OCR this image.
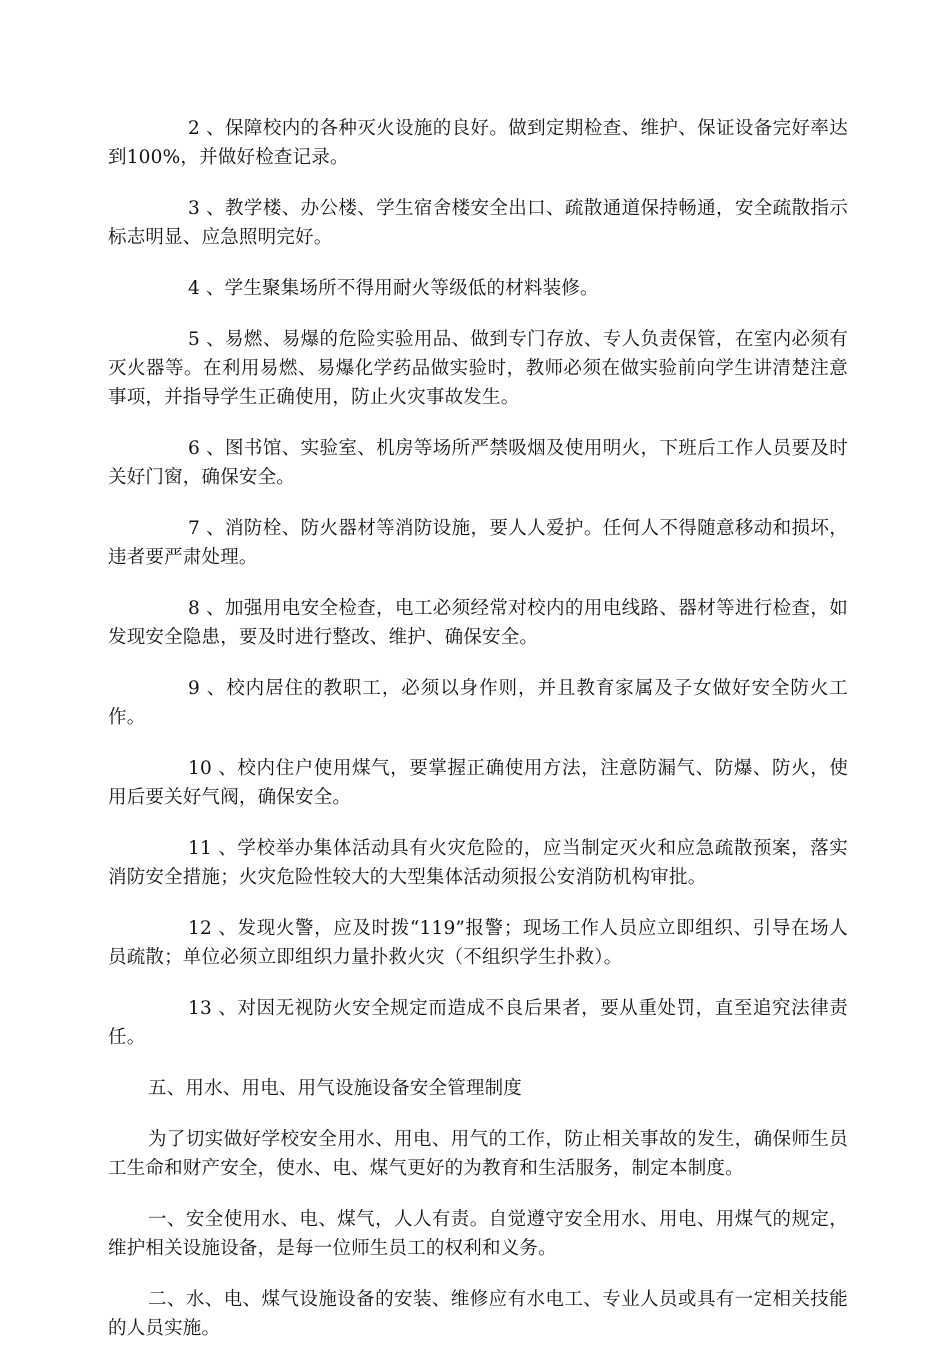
2 、保障校内的各种灭火设施的良好。做到定期检查、维护、保证设备完好率达到100%，并做好检查记录。

3 、教学楼、办公楼、学生宿舍楼安全出口、疏散通道保持畅通，安全疏散指示标志明显、应急照明完好。

4 、学生聚集场所不得用耐火等级低的材料装修。

5 、易燃、易爆的危险实验用品、做到专门存放、专人负责保管，在室内必须有灭火器等。在利用易燃、易爆化学药品做实验时，教师必须在做实验前向学生讲清楚注意事项，并指导学生正确使用，防止火灾事故发生。

6 、图书馆、实验室、机房等场所严禁吸烟及使用明火，下班后工作人员要及时关好门窗，确保安全。

7 、消防栓、防火器材等消防设施，要人人爱护。任何人不得随意移动和损坏，违者要严肃处理。

8 、加强用电安全检查，电工必须经常对校内的用电线路、器材等进行检查，如发现安全隐患，要及时进行整改、维护、确保安全。

9 、校内居住的教职工，必须以身作则，并且教育家属及子女做好安全防火工作。

10 、校内住户使用煤气，要掌握正确使用方法，注意防漏气、防爆、防火，使用后要关好气阀，确保安全。

11 、学校举办集体活动具有火灾危险的，应当制定灭火和应急疏散预案，落实消防安全措施；火灾危险性较大的大型集体活动须报公安消防机构审批。

12 、发现火警，应及时拨“119”报警；现场工作人员应立即组织、引导在场人员疏散；单位必须立即组织力量扑救火灾（不组织学生扑救）。

13 、对因无视防火安全规定而造成不良后果者，要从重处罚，直至追究法律责任。

五、用水、用电、用气设施设备安全管理制度

为了切实做好学校安全用水、用电、用气的工作，防止相关事故的发生，确保师生员工生命和财产安全，使水、电、煤气更好的为教育和生活服务，制定本制度。

一、安全使用水、电、煤气，人人有责。自觉遵守安全用水、用电、用煤气的规定，维护相关设施设备，是每一位师生员工的权利和义务。

二、水、电、煤气设施设备的安装、维修应有水电工、专业人员或具有一定相关技能的人员实施。
